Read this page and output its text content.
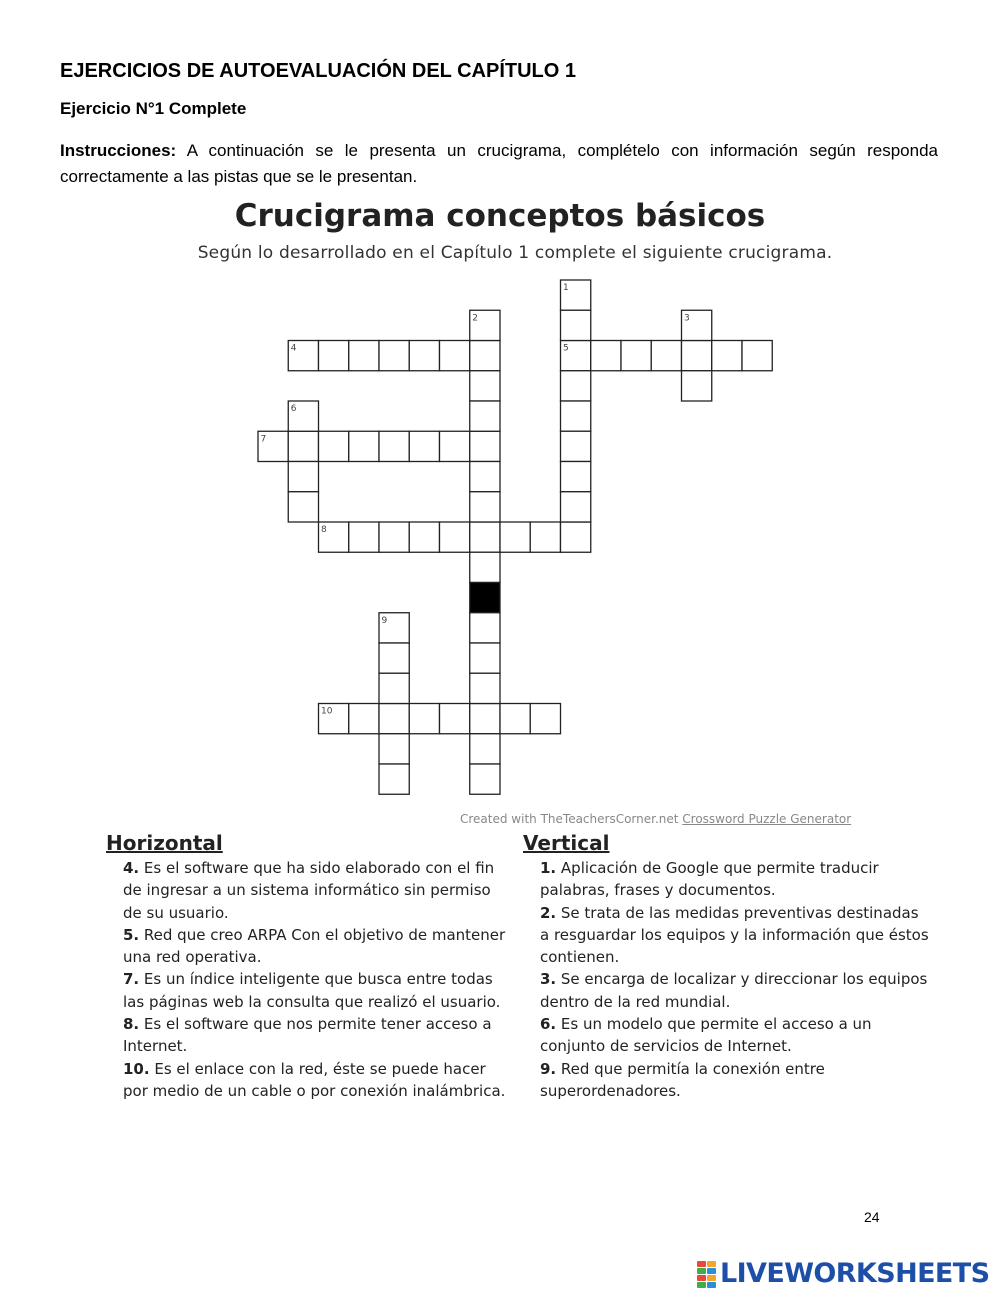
EJERCICIOS DE AUTOEVALUACIÓN DEL CAPÍTULO 1
Ejercicio N°1 Complete
Instrucciones: A continuación se le presenta un crucigrama, complételo con información según responda correctamente a las pistas que se le presentan.
Crucigrama conceptos básicos
Según lo desarrollado en el Capítulo 1 complete el siguiente crucigrama.
1
2	3
4	5
6
7
8
9
10
Created with TheTeachersCorner.net Crossword Puzzle Generator
Horizontal	Vertical

4. Es el software que ha sido elaborado con el fin de ingresar a un sistema informático sin permiso de su usuario.

5. Red que creo ARPA Con el objetivo de mantener una red operativa.

7. Es un índice inteligente que busca entre todas las páginas web la consulta que realizó el usuario.

8. Es el software que nos permite tener acceso a Internet.

10. Es el enlace con la red, éste se puede hacer por medio de un cable o por conexión inalámbrica.

1. Aplicación de Google que permite traducir palabras, frases y documentos.

2. Se trata de las medidas preventivas destinadas a resguardar los equipos y la información que éstos contienen.

3. Se encarga de localizar y direccionar los equipos dentro de la red mundial.

6. Es un modelo que permite el acceso a un conjunto de servicios de Internet.

9. Red que permitía la conexión entre superordenadores.

24
LIVEWORKSHEETS
